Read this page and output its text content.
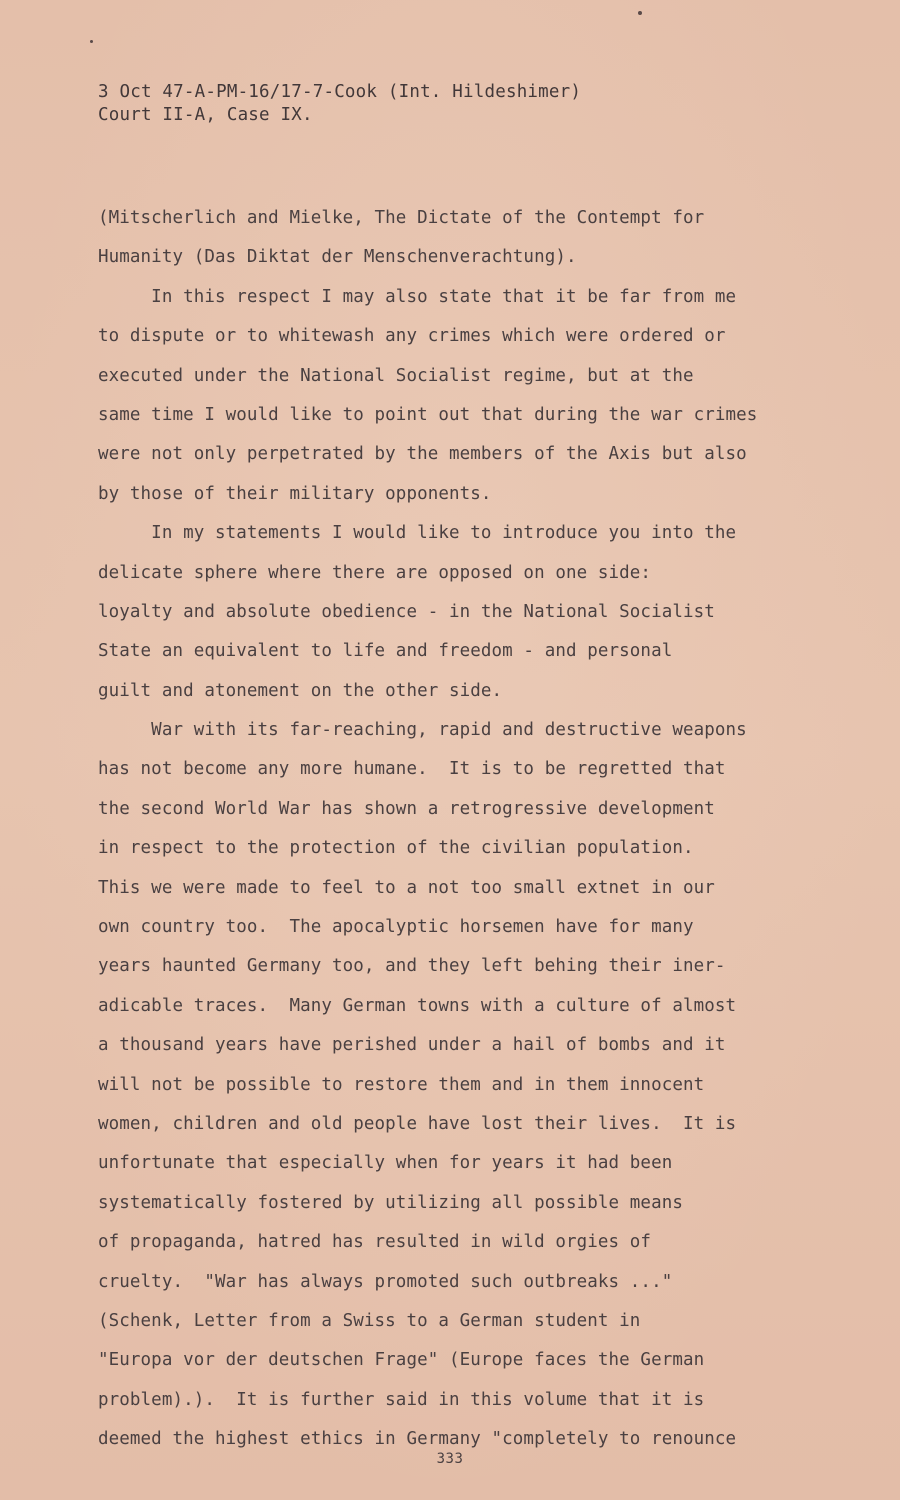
3 Oct 47-A-PM-16/17-7-Cook (Int. Hildeshimer)
Court II-A, Case IX.
(Mitscherlich and Mielke, The Dictate of the Contempt for
Humanity (Das Diktat der Menschenverachtung).
In this respect I may also state that it be far from me
to dispute or to whitewash any crimes which were ordered or
executed under the National Socialist regime, but at the
same time I would like to point out that during the war crimes
were not only perpetrated by the members of the Axis but also
by those of their military opponents.
In my statements I would like to introduce you into the
delicate sphere where there are opposed on one side:
loyalty and absolute obedience - in the National Socialist
State an equivalent to life and freedom - and personal
guilt and atonement on the other side.
War with its far-reaching, rapid and destructive weapons
has not become any more humane.  It is to be regretted that
the second World War has shown a retrogressive development
in respect to the protection of the civilian population.
This we were made to feel to a not too small extnet in our
own country too.  The apocalyptic horsemen have for many
years haunted Germany too, and they left behing their iner-
adicable traces.  Many German towns with a culture of almost
a thousand years have perished under a hail of bombs and it
will not be possible to restore them and in them innocent
women, children and old people have lost their lives.  It is
unfortunate that especially when for years it had been
systematically fostered by utilizing all possible means
of propaganda, hatred has resulted in wild orgies of
cruelty.  "War has always promoted such outbreaks ..."
(Schenk, Letter from a Swiss to a German student in
"Europa vor der deutschen Frage" (Europe faces the German
problem).).  It is further said in this volume that it is
deemed the highest ethics in Germany "completely to renounce
333
